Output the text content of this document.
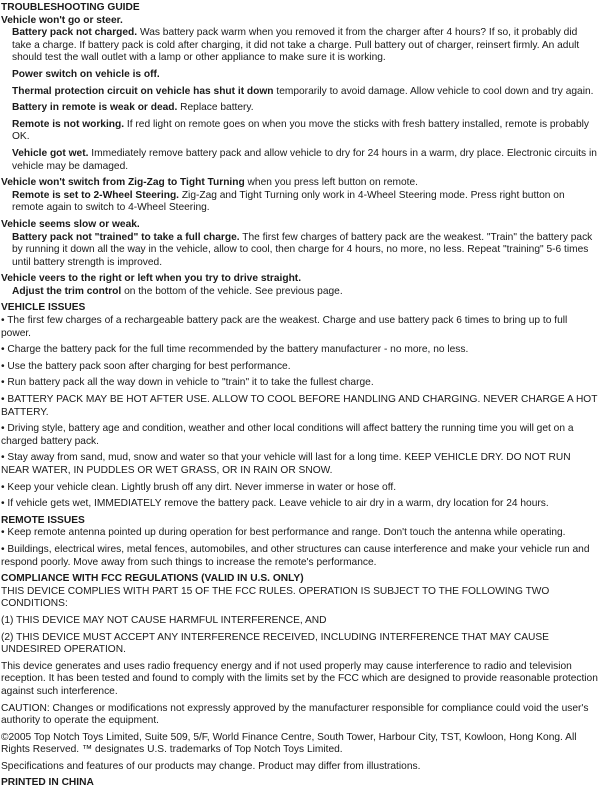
TROUBLESHOOTING GUIDE

Vehicle won't go or steer.

Battery pack not charged. Was battery pack warm when you removed it from the charger after 4 hours? If so, it probably did take a charge. If battery pack is cold after charging, it did not take a charge. Pull battery out of charger, reinsert firmly. An adult should test the wall outlet with a lamp or other appliance to make sure it is working.

Power switch on vehicle is off.

Thermal protection circuit on vehicle has shut it down temporarily to avoid damage. Allow vehicle to cool down and try again.

Battery in remote is weak or dead. Replace battery.

Remote is not working. If red light on remote goes on when you move the sticks with fresh battery installed, remote is probably OK.

Vehicle got wet. Immediately remove battery pack and allow vehicle to dry for 24 hours in a warm, dry place. Electronic circuits in vehicle may be damaged.

Vehicle won't switch from Zig-Zag to Tight Turning when you press left button on remote.

Remote is set to 2-Wheel Steering. Zig-Zag and Tight Turning only work in 4-Wheel Steering mode. Press right button on remote again to switch to 4-Wheel Steering.

Vehicle seems slow or weak.

Battery pack not "trained" to take a full charge. The first few charges of battery pack are the weakest. "Train" the battery pack by running it down all the way in the vehicle, allow to cool, then charge for 4 hours, no more, no less. Repeat "training" 5-6 times until battery strength is improved.

Vehicle veers to the right or left when you try to drive straight.

Adjust the trim control on the bottom of the vehicle. See previous page.

VEHICLE ISSUES

• The first few charges of a rechargeable battery pack are the weakest. Charge and use battery pack 6 times to bring up to full power.

• Charge the battery pack for the full time recommended by the battery manufacturer - no more, no less.

• Use the battery pack soon after charging for best performance.

• Run battery pack all the way down in vehicle to "train" it to take the fullest charge.

• BATTERY PACK MAY BE HOT AFTER USE. ALLOW TO COOL BEFORE HANDLING AND CHARGING. NEVER CHARGE A HOT BATTERY.

• Driving style, battery age and condition, weather and other local conditions will affect battery the running time you will get on a charged battery pack.

• Stay away from sand, mud, snow and water so that your vehicle will last for a long time. KEEP VEHICLE DRY. DO NOT RUN NEAR WATER, IN PUDDLES OR WET GRASS, OR IN RAIN OR SNOW.

• Keep your vehicle clean. Lightly brush off any dirt. Never immerse in water or hose off.

• If vehicle gets wet, IMMEDIATELY remove the battery pack. Leave vehicle to air dry in a warm, dry location for 24 hours.

REMOTE ISSUES

• Keep remote antenna pointed up during operation for best performance and range. Don't touch the antenna while operating.

• Buildings, electrical wires, metal fences, automobiles, and other structures can cause interference and make your vehicle run and respond poorly. Move away from such things to increase the remote's performance.

COMPLIANCE WITH FCC REGULATIONS (VALID IN U.S. ONLY)

THIS DEVICE COMPLIES WITH PART 15 OF THE FCC RULES. OPERATION IS SUBJECT TO THE FOLLOWING TWO CONDITIONS:

(1) THIS DEVICE MAY NOT CAUSE HARMFUL INTERFERENCE, AND

(2) THIS DEVICE MUST ACCEPT ANY INTERFERENCE RECEIVED, INCLUDING INTERFERENCE THAT MAY CAUSE UNDESIRED OPERATION.

This device generates and uses radio frequency energy and if not used properly may cause interference to radio and television reception. It has been tested and found to comply with the limits set by the FCC which are designed to provide reasonable protection against such interference.

CAUTION: Changes or modifications not expressly approved by the manufacturer responsible for compliance could void the user's authority to operate the equipment.

©2005 Top Notch Toys Limited, Suite 509, 5/F, World Finance Centre, South Tower, Harbour City, TST, Kowloon, Hong Kong. All Rights Reserved. ™ designates U.S. trademarks of Top Notch Toys Limited.

Specifications and features of our products may change. Product may differ from illustrations.

PRINTED IN CHINA
